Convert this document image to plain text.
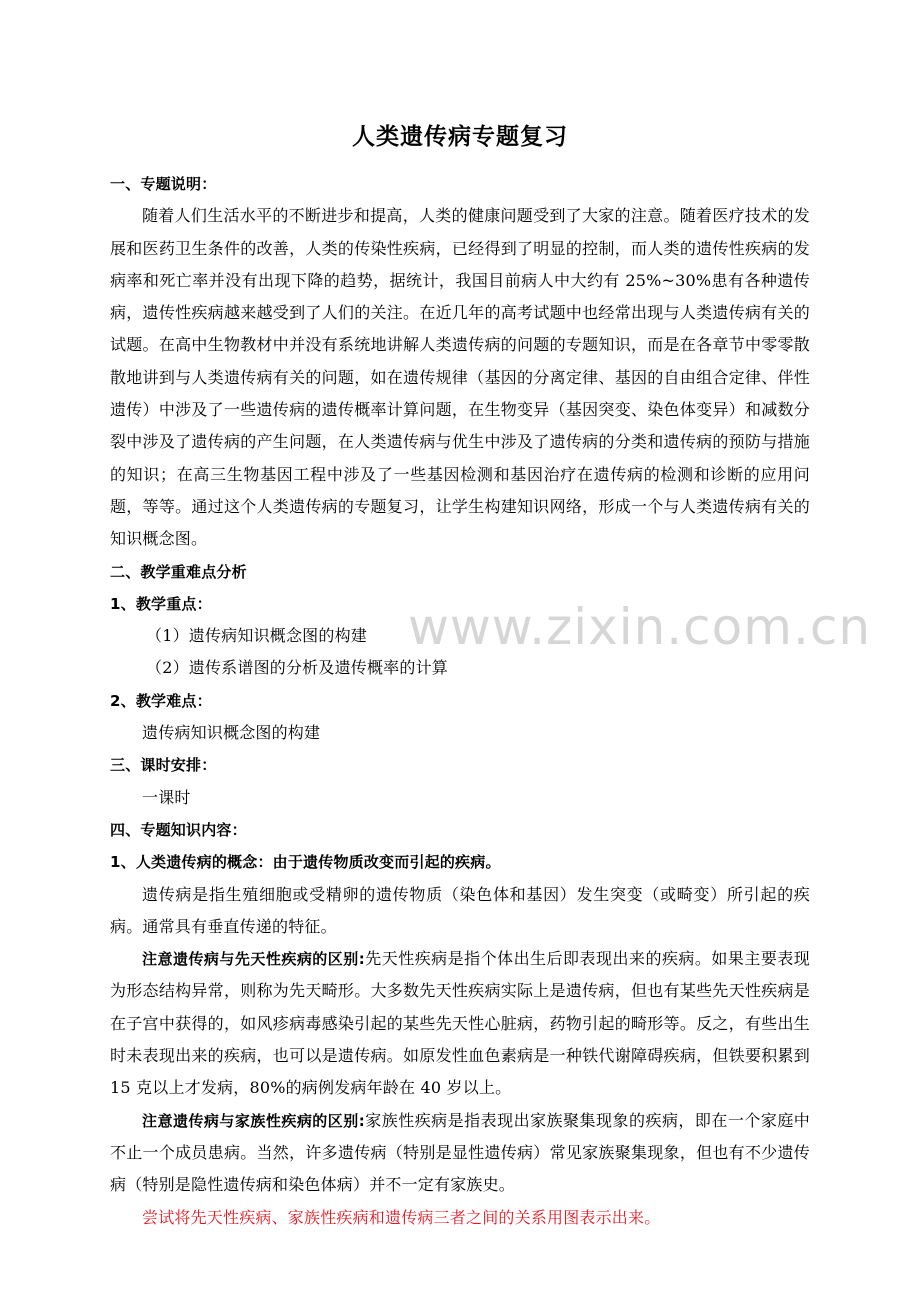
人类遗传病专题复习
www.zixin.com.cn

一、专题说明：

随着人们生活水平的不断进步和提高，人类的健康问题受到了大家的注意。随着医疗技术的发展和医药卫生条件的改善，人类的传染性疾病，已经得到了明显的控制，而人类的遗传性疾病的发病率和死亡率并没有出现下降的趋势，据统计，我国目前病人中大约有 25%~30%患有各种遗传病，遗传性疾病越来越受到了人们的关注。在近几年的高考试题中也经常出现与人类遗传病有关的试题。在高中生物教材中并没有系统地讲解人类遗传病的问题的专题知识，而是在各章节中零零散散地讲到与人类遗传病有关的问题，如在遗传规律（基因的分离定律、基因的自由组合定律、伴性遗传）中涉及了一些遗传病的遗传概率计算问题，在生物变异（基因突变、染色体变异）和减数分裂中涉及了遗传病的产生问题，在人类遗传病与优生中涉及了遗传病的分类和遗传病的预防与措施的知识；在高三生物基因工程中涉及了一些基因检测和基因治疗在遗传病的检测和诊断的应用问题，等等。通过这个人类遗传病的专题复习，让学生构建知识网络，形成一个与人类遗传病有关的知识概念图。

二、教学重难点分析

1、教学重点：

（1）遗传病知识概念图的构建

（2）遗传系谱图的分析及遗传概率的计算

2、教学难点：

遗传病知识概念图的构建

三、课时安排：

一课时

四、专题知识内容：

1、人类遗传病的概念：由于遗传物质改变而引起的疾病。

遗传病是指生殖细胞或受精卵的遗传物质（染色体和基因）发生突变（或畸变）所引起的疾病。通常具有垂直传递的特征。

注意遗传病与先天性疾病的区别:先天性疾病是指个体出生后即表现出来的疾病。如果主要表现为形态结构异常，则称为先天畸形。大多数先天性疾病实际上是遗传病，但也有某些先天性疾病是在子宫中获得的，如风疹病毒感染引起的某些先天性心脏病，药物引起的畸形等。反之，有些出生时未表现出来的疾病，也可以是遗传病。如原发性血色素病是一种铁代谢障碍疾病，但铁要积累到 15 克以上才发病，80%的病例发病年龄在 40 岁以上。

注意遗传病与家族性疾病的区别:家族性疾病是指表现出家族聚集现象的疾病，即在一个家庭中不止一个成员患病。当然，许多遗传病（特别是显性遗传病）常见家族聚集现象，但也有不少遗传病（特别是隐性遗传病和染色体病）并不一定有家族史。

尝试将先天性疾病、家族性疾病和遗传病三者之间的关系用图表示出来。
